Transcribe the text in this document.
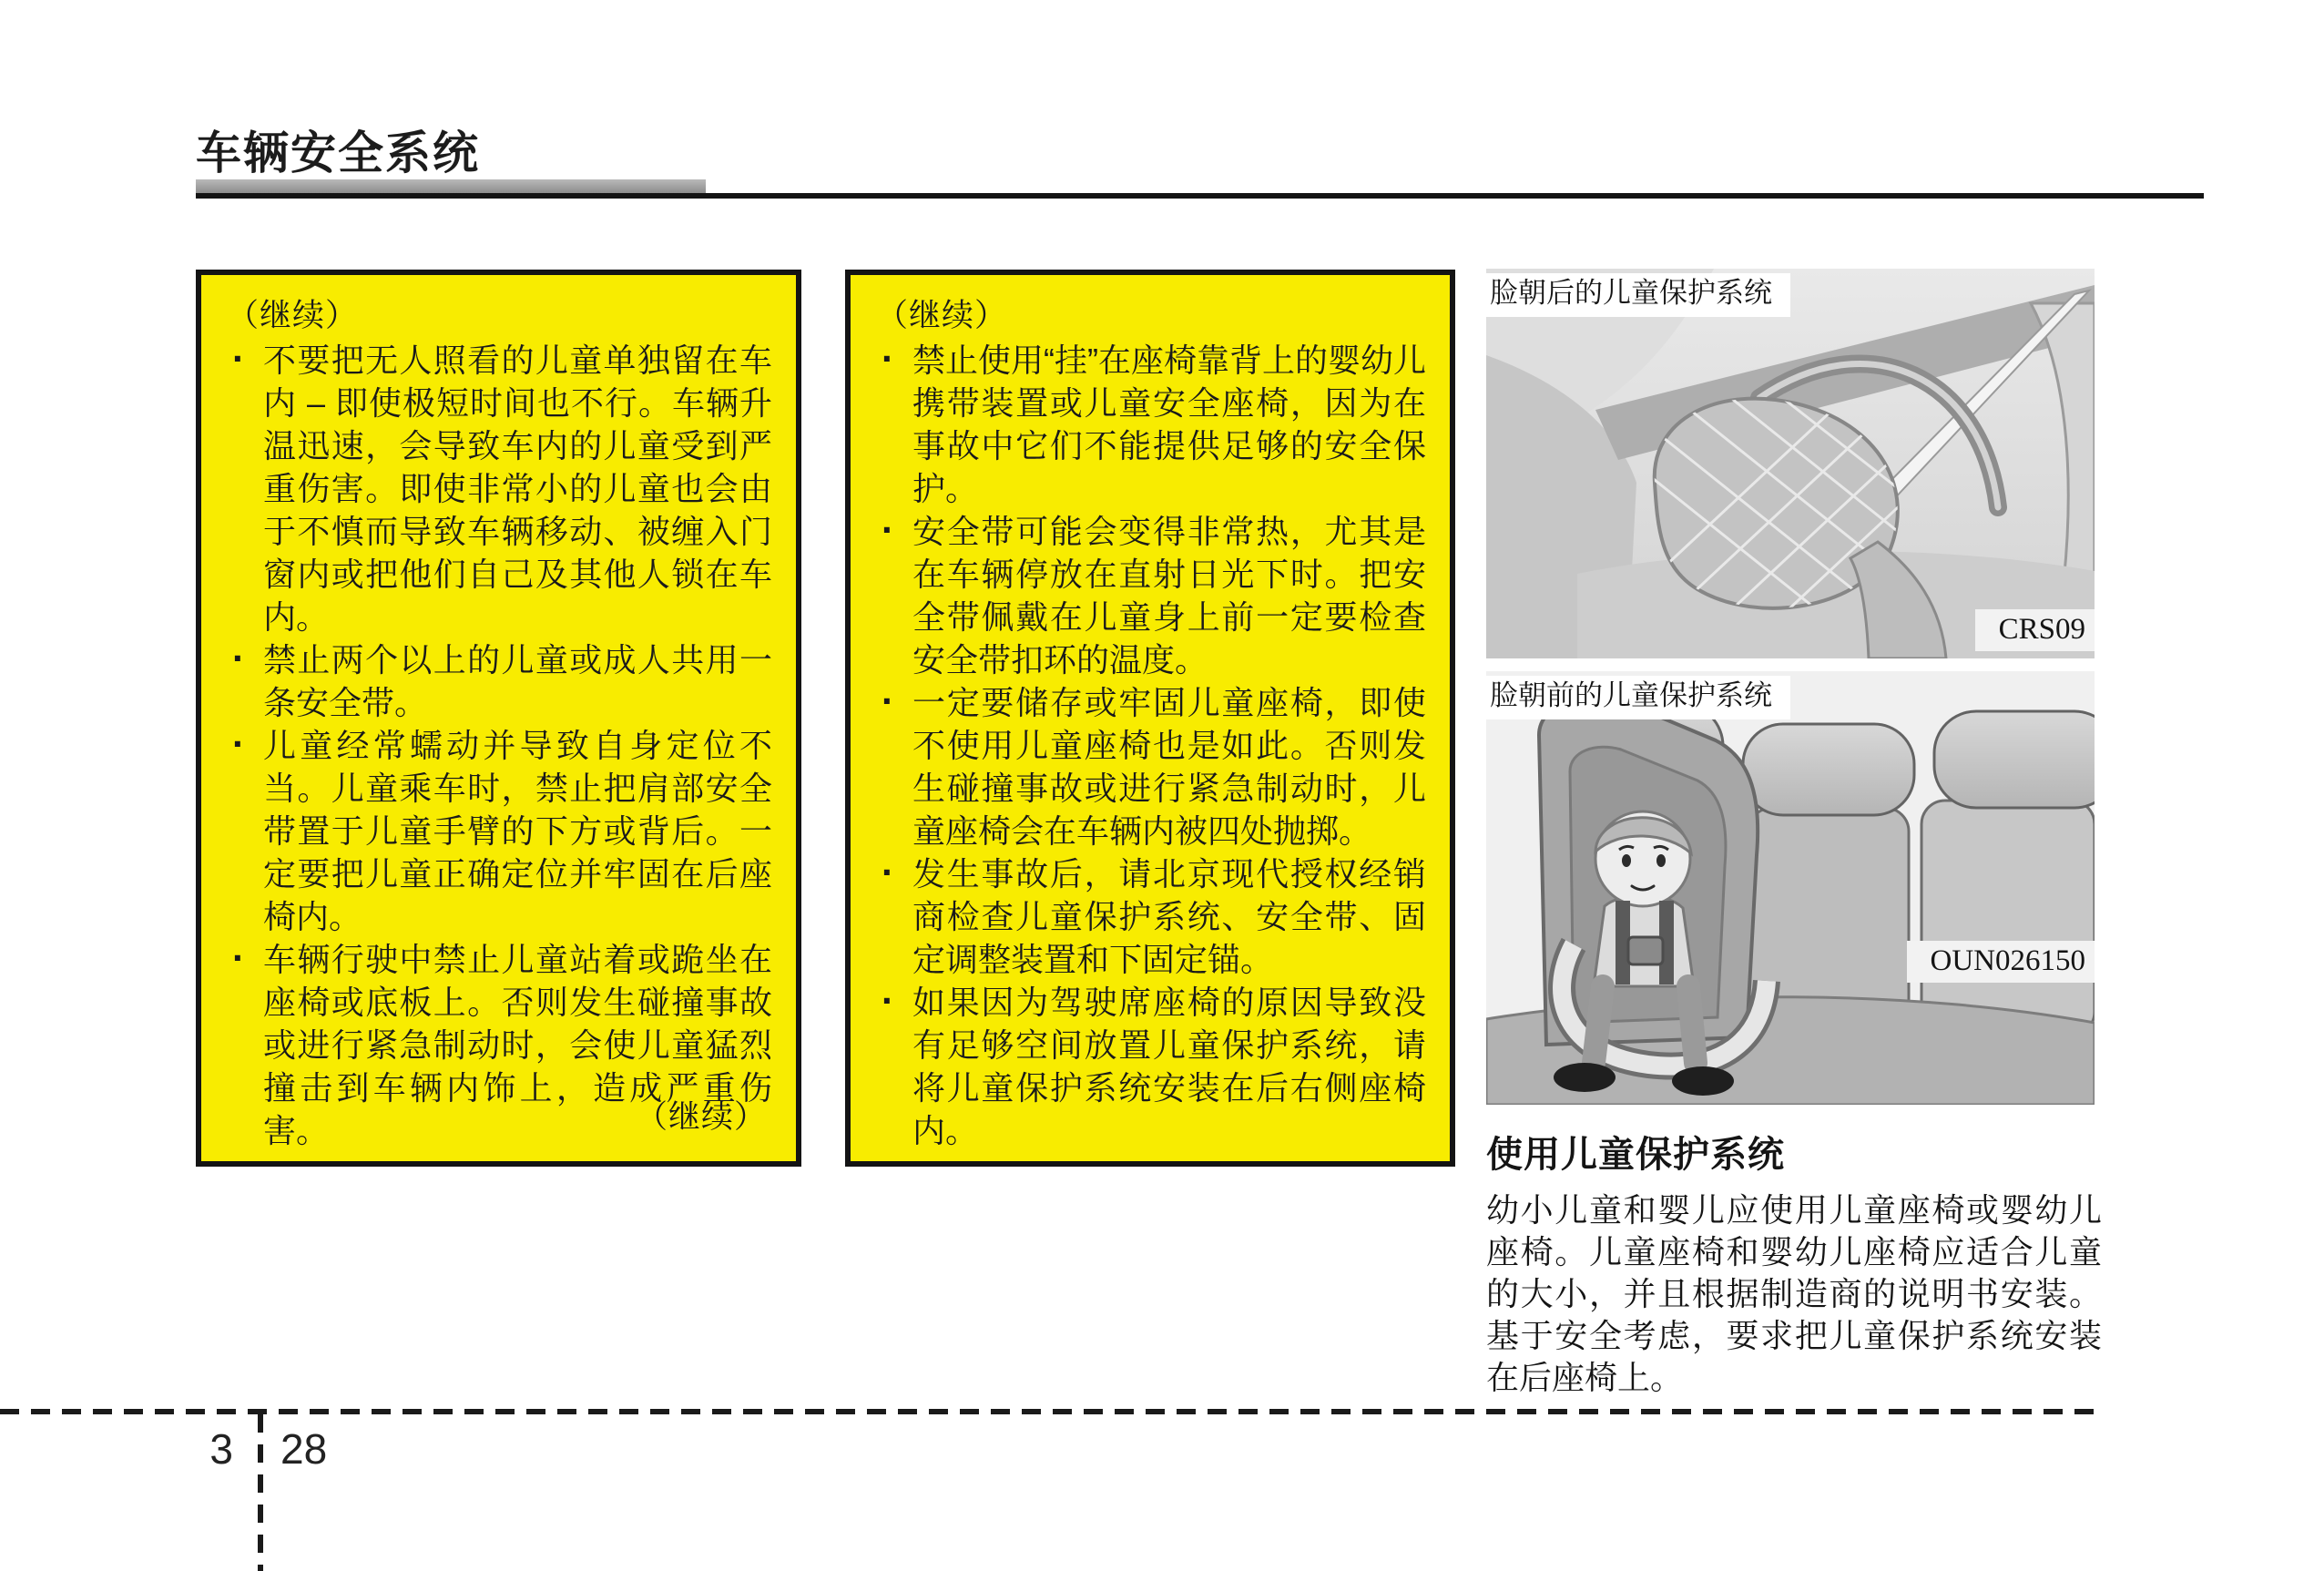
车辆安全系统
（继续）
· 不要把无人照看的儿童单独留在车内 – 即使极短时间也不行。车辆升温迅速，会导致车内的儿童受到严重伤害。即使非常小的儿童也会由于不慎而导致车辆移动、被缠入门窗内或把他们自己及其他人锁在车内。
· 禁止两个以上的儿童或成人共用一条安全带。
· 儿童经常蠕动并导致自身定位不当。儿童乘车时，禁止把肩部安全带置于儿童手臂的下方或背后。一定要把儿童正确定位并牢固在后座椅内。
· 车辆行驶中禁止儿童站着或跪坐在座椅或底板上。否则发生碰撞事故或进行紧急制动时，会使儿童猛烈撞击到车辆内饰上，造成严重伤害。	（继续）
（继续）
· 禁止使用“挂”在座椅靠背上的婴幼儿携带装置或儿童安全座椅，因为在事故中它们不能提供足够的安全保护。
· 安全带可能会变得非常热，尤其是在车辆停放在直射日光下时。把安全带佩戴在儿童身上前一定要检查安全带扣环的温度。
· 一定要储存或牢固儿童座椅，即使不使用儿童座椅也是如此。否则发生碰撞事故或进行紧急制动时，儿童座椅会在车辆内被四处抛掷。
· 发生事故后，请北京现代授权经销商检查儿童保护系统、安全带、固定调整装置和下固定锚。
· 如果因为驾驶席座椅的原因导致没有足够空间放置儿童保护系统，请将儿童保护系统安装在后右侧座椅内。
脸朝后的儿童保护系统
CRS09
脸朝前的儿童保护系统
OUN026150
使用儿童保护系统
幼小儿童和婴儿应使用儿童座椅或婴幼儿座椅。儿童座椅和婴幼儿座椅应适合儿童的大小，并且根据制造商的说明书安装。基于安全考虑，要求把儿童保护系统安装在后座椅上。
3 28
